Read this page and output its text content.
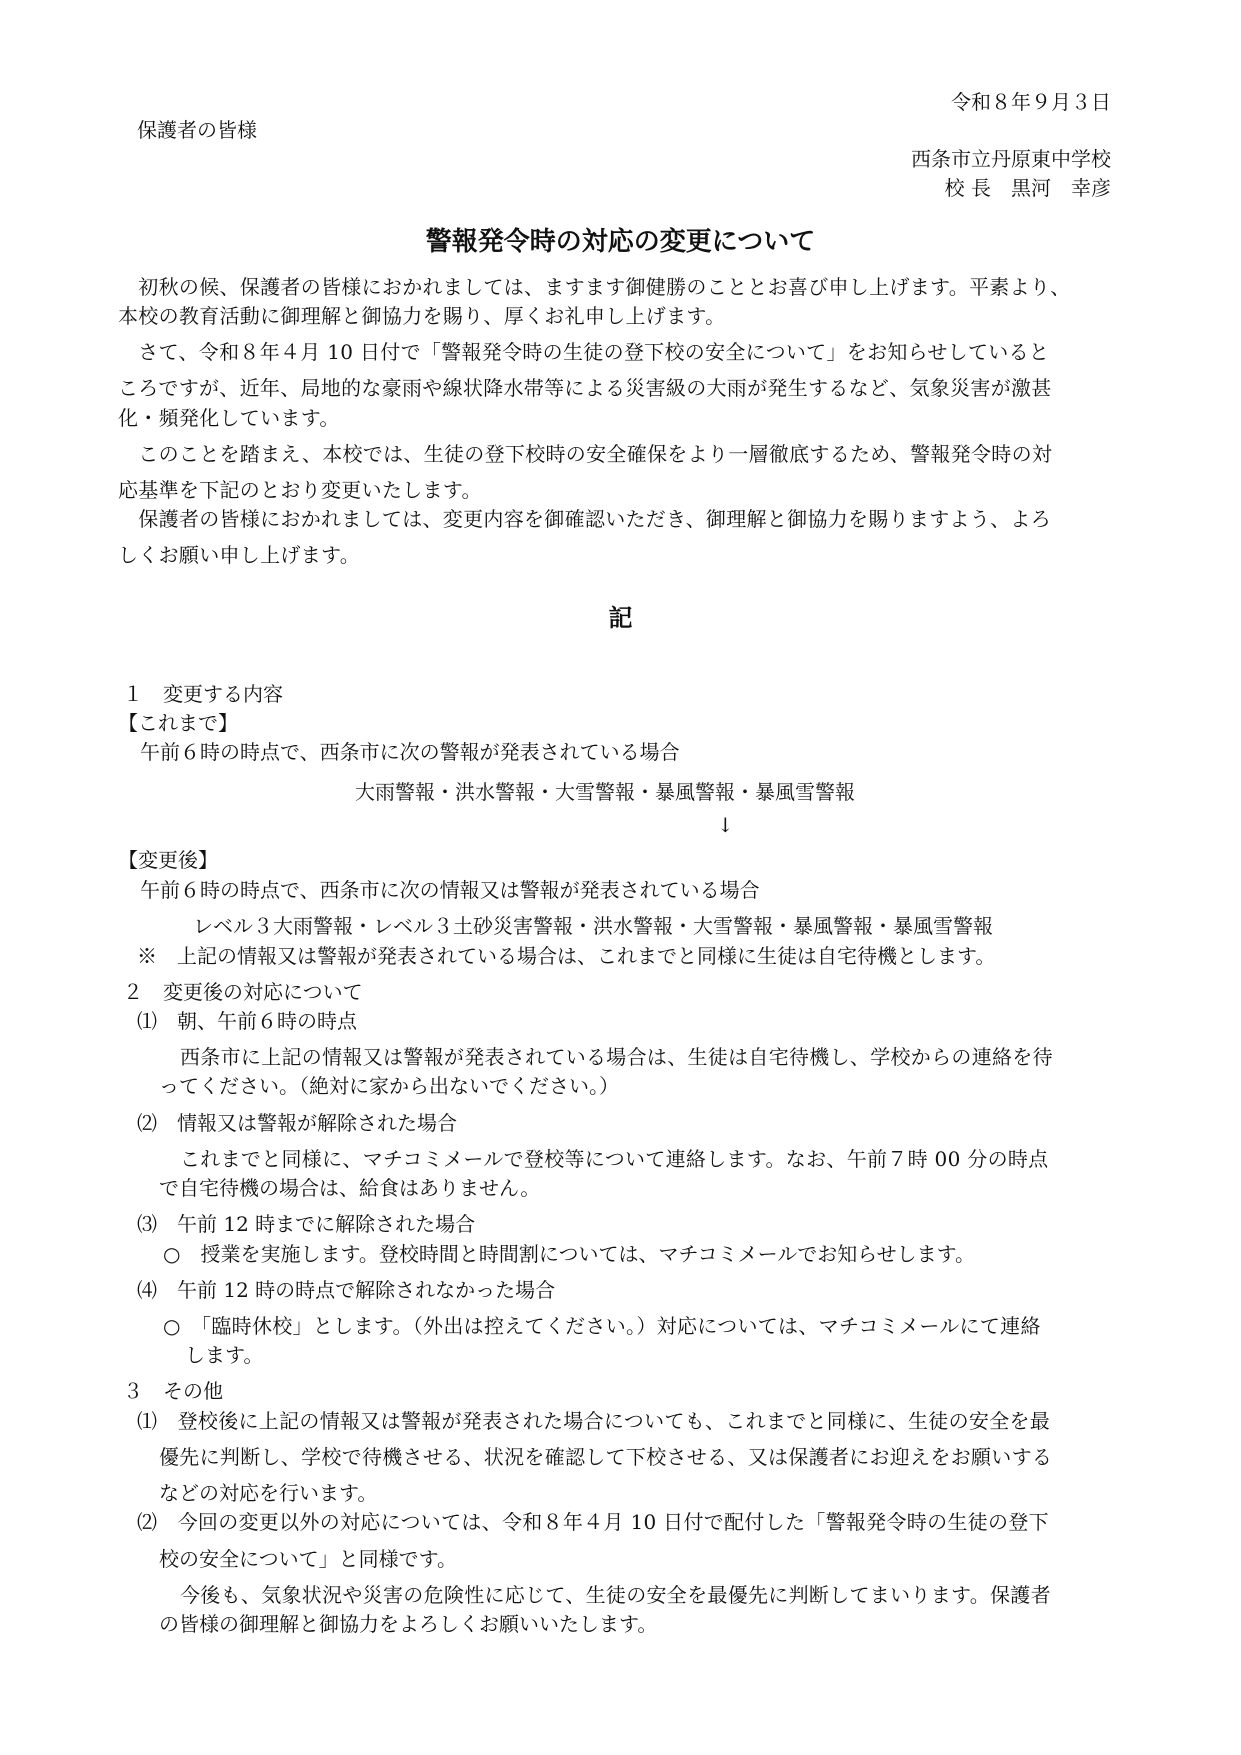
令和８年９月３日
保護者の皆様
西条市立丹原東中学校
校 長　黒河　幸彦
警報発令時の対応の変更について
　初秋の候、保護者の皆様におかれましては、ますます御健勝のこととお喜び申し上げます。平素より、
本校の教育活動に御理解と御協力を賜り、厚くお礼申し上げます。
　さて、令和８年４月 10 日付で「警報発令時の生徒の登下校の安全について」をお知らせしていると
ころですが、近年、局地的な豪雨や線状降水帯等による災害級の大雨が発生するなど、気象災害が激甚
化・頻発化しています。
　このことを踏まえ、本校では、生徒の登下校時の安全確保をより一層徹底するため、警報発令時の対
応基準を下記のとおり変更いたします。
　保護者の皆様におかれましては、変更内容を御確認いただき、御理解と御協力を賜りますよう、よろ
しくお願い申し上げます。
記
１　変更する内容
【これまで】
午前６時の時点で、西条市に次の警報が発表されている場合
大雨警報・洪水警報・大雪警報・暴風警報・暴風雪警報
↓
【変更後】
午前６時の時点で、西条市に次の情報又は警報が発表されている場合
レベル３大雨警報・レベル３土砂災害警報・洪水警報・大雪警報・暴風警報・暴風雪警報
※　上記の情報又は警報が発表されている場合は、これまでと同様に生徒は自宅待機とします。
２　変更後の対応について
⑴　朝、午前６時の時点
西条市に上記の情報又は警報が発表されている場合は、生徒は自宅待機し、学校からの連絡を待
ってください。（絶対に家から出ないでください。）
⑵　情報又は警報が解除された場合
これまでと同様に、マチコミメールで登校等について連絡します。なお、午前７時 00 分の時点
で自宅待機の場合は、給食はありません。
⑶　午前 12 時までに解除された場合
○　授業を実施します。登校時間と時間割については、マチコミメールでお知らせします。
⑷　午前 12 時の時点で解除されなかった場合
○　「臨時休校」とします。（外出は控えてください。）対応については、マチコミメールにて連絡
します。
３　その他
⑴　登校後に上記の情報又は警報が発表された場合についても、これまでと同様に、生徒の安全を最
優先に判断し、学校で待機させる、状況を確認して下校させる、又は保護者にお迎えをお願いする
などの対応を行います。
⑵　今回の変更以外の対応については、令和８年４月 10 日付で配付した「警報発令時の生徒の登下
校の安全について」と同様です。
今後も、気象状況や災害の危険性に応じて、生徒の安全を最優先に判断してまいります。保護者
の皆様の御理解と御協力をよろしくお願いいたします。
